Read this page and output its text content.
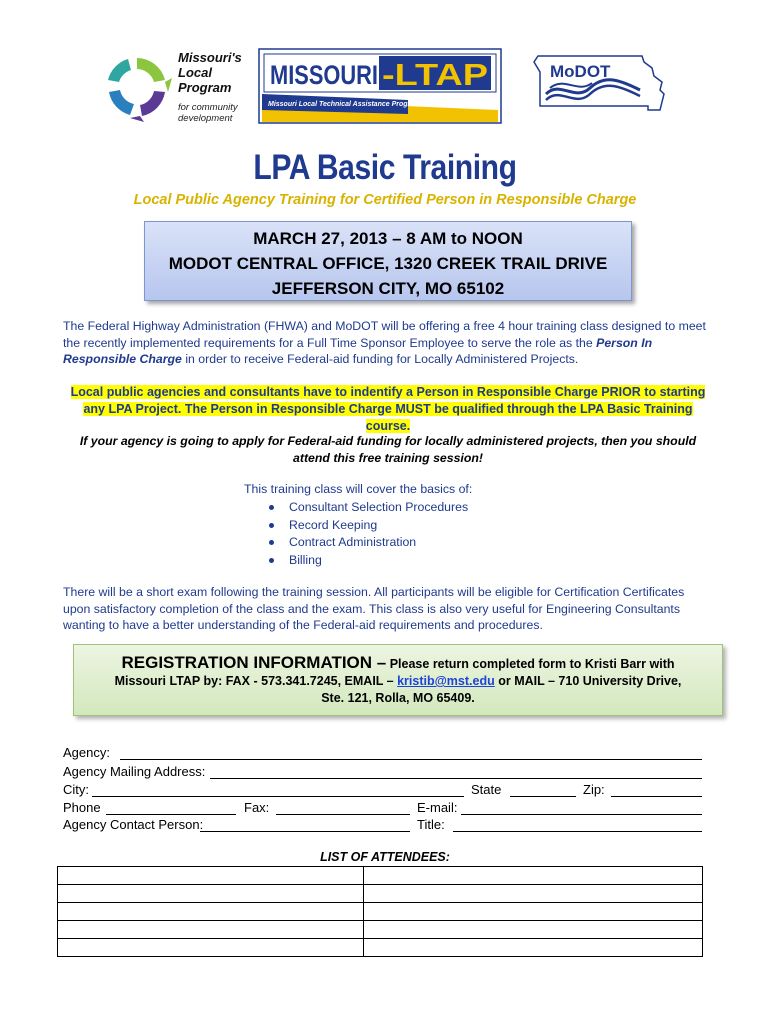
Missouri's
Local
Program
for community
development
MISSOURI -LTAP
Missouri Local Technical Assistance Program
MoDOT
LPA Basic Training
Local Public Agency Training for Certified Person in Responsible Charge
MARCH 27, 2013 – 8 AM to NOON
MODOT CENTRAL OFFICE, 1320 CREEK TRAIL DRIVE
JEFFERSON CITY, MO 65102
The Federal Highway Administration (FHWA) and MoDOT will be offering a free 4 hour training class designed to meet the recently implemented requirements for a Full Time Sponsor Employee to serve the role as the Person In Responsible Charge in order to receive Federal-aid funding for Locally Administered Projects.
Local public agencies and consultants have to indentify a Person in Responsible Charge PRIOR to starting any LPA Project. The Person in Responsible Charge MUST be qualified through the LPA Basic Training course.
If your agency is going to apply for Federal-aid funding for locally administered projects, then you should attend this free training session!
This training class will cover the basics of:
Consultant Selection Procedures
Record Keeping
Contract Administration
Billing
There will be a short exam following the training session. All participants will be eligible for Certification Certificates upon satisfactory completion of the class and the exam. This class is also very useful for Engineering Consultants wanting to have a better understanding of the Federal-aid requirements and procedures.
REGISTRATION INFORMATION – Please return completed form to Kristi Barr with
Missouri LTAP by: FAX - 573.341.7245, EMAIL – kristib@mst.edu or MAIL – 710 University Drive,
Ste. 121, Rolla, MO 65409.
Agency:
Agency Mailing Address:
City:	State	Zip:
Phone	Fax:	E-mail:
Agency Contact Person:	Title:
LIST OF ATTENDEES:
